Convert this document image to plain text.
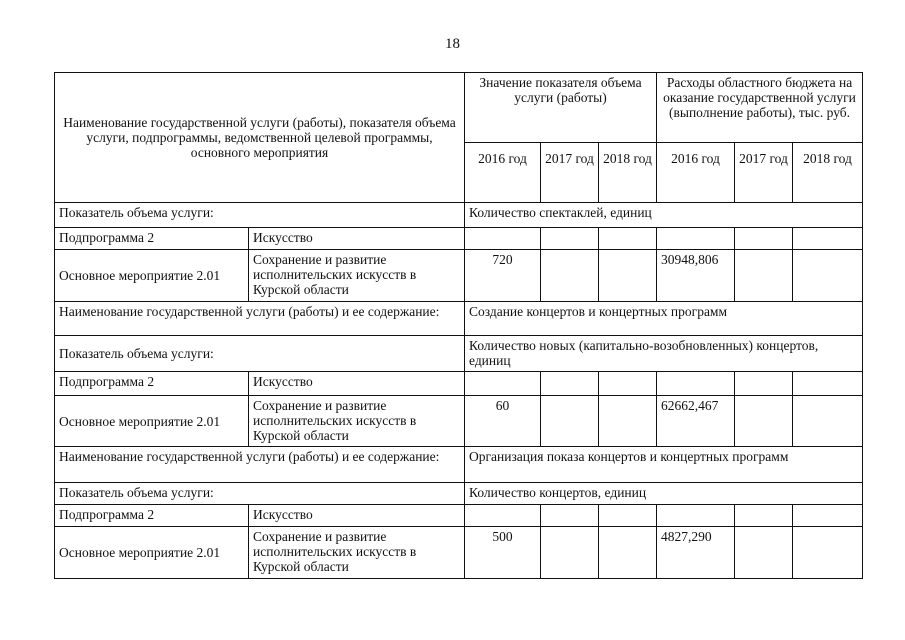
18
Наименование государственной услуги (работы), показателя объема услуги, подпрограммы, ведомственной целевой программы, основного мероприятия		Значение показателя объема услуги (работы)			Расходы областного бюджета на оказание государственной услуги (выполнение работы), тыс. руб.		
		2016 год	2017 год	2018 год	2016 год	2017 год	2018 год
Показатель объема услуги:		Количество спектаклей, единиц					
Подпрограмма 2	Искусство						
Основное мероприятие 2.01	Сохранение и развитие исполнительских искусств в Курской области	720			30948,806		
Наименование государственной услуги (работы) и ее содержание:		Создание концертов и концертных программ					
Показатель объема услуги:		Количество новых (капитально-возобновленных) концертов, единиц					
Подпрограмма 2	Искусство						
Основное мероприятие 2.01	Сохранение и развитие исполнительских искусств в Курской области	60			62662,467		
Наименование государственной услуги (работы) и ее содержание:		Организация показа концертов и концертных программ					
Показатель объема услуги:		Количество концертов, единиц					
Подпрограмма 2	Искусство						
Основное мероприятие 2.01	Сохранение и развитие исполнительских искусств в Курской области	500			4827,290		
